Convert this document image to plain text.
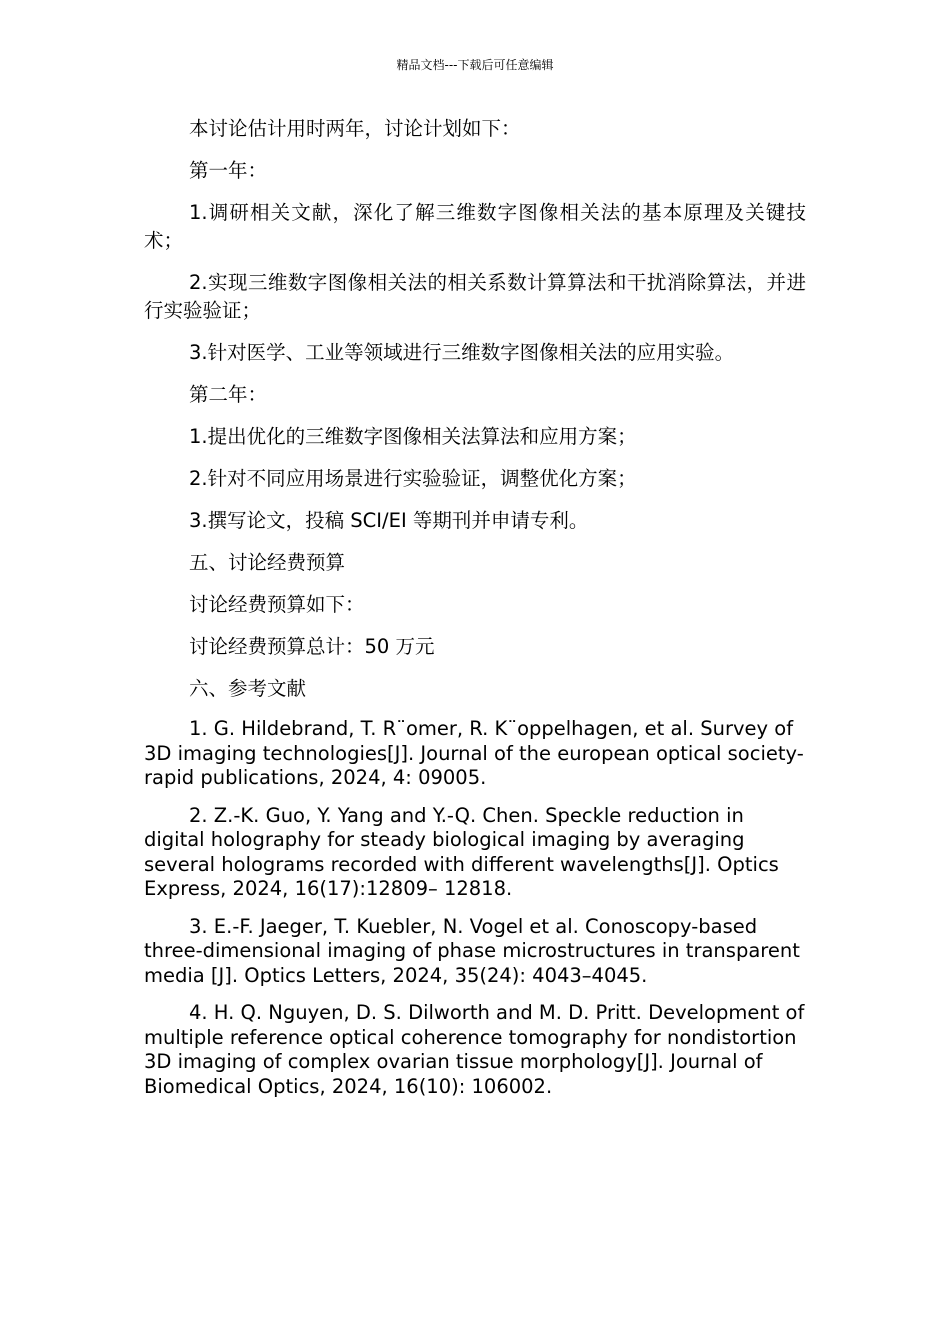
精品文档---下载后可任意编辑

本讨论估计用时两年，讨论计划如下：

第一年：

1.调研相关文献，深化了解三维数字图像相关法的基本原理及关键技术；

2.实现三维数字图像相关法的相关系数计算算法和干扰消除算法，并进行实验验证；

3.针对医学、工业等领域进行三维数字图像相关法的应用实验。

第二年：

1.提出优化的三维数字图像相关法算法和应用方案；

2.针对不同应用场景进行实验验证，调整优化方案；

3.撰写论文，投稿 SCI/EI 等期刊并申请专利。

五、讨论经费预算

讨论经费预算如下：

讨论经费预算总计：50 万元

六、参考文献

1. G. Hildebrand, T. R¨omer, R. K¨oppelhagen, et al. Survey of 3D imaging technologies[J]. Journal of the european optical society-rapid publications, 2024, 4: 09005.

2. Z.-K. Guo, Y. Yang and Y.-Q. Chen. Speckle reduction in digital holography for steady biological imaging by averaging several holograms recorded with different wavelengths[J]. Optics Express, 2024, 16(17):12809– 12818.

3. E.-F. Jaeger, T. Kuebler, N. Vogel et al. Conoscopy-based three-dimensional imaging of phase microstructures in transparent media [J]. Optics Letters, 2024, 35(24): 4043–4045.

4. H. Q. Nguyen, D. S. Dilworth and M. D. Pritt. Development of multiple reference optical coherence tomography for nondistortion 3D imaging of complex ovarian tissue morphology[J]. Journal of Biomedical Optics, 2024, 16(10): 106002.
